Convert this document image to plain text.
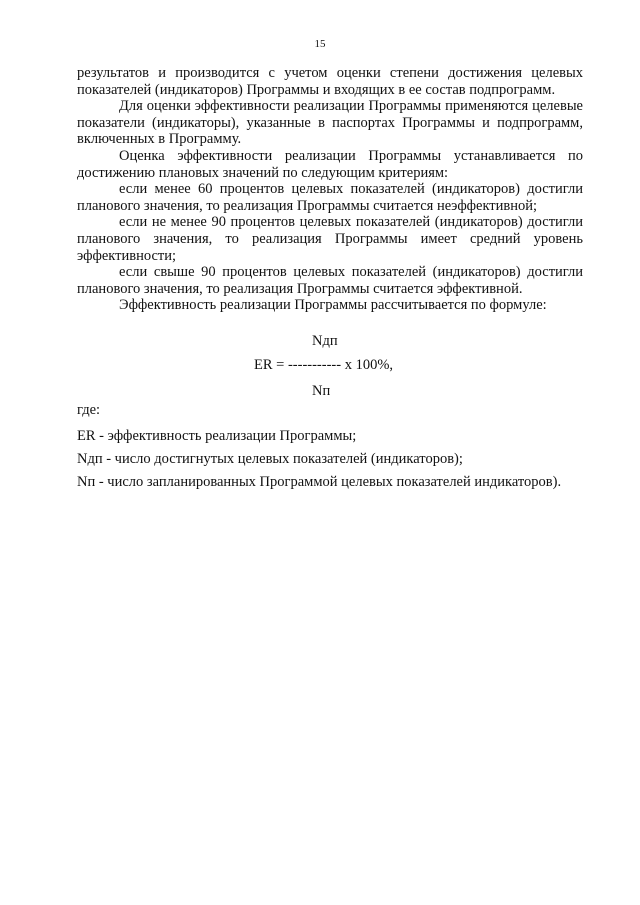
15

результатов и производится с учетом оценки степени достижения целевых показателей (индикаторов) Программы и входящих в ее состав подпрограмм.

Для оценки эффективности реализации Программы применяются целевые показатели (индикаторы), указанные в паспортах Программы и подпрограмм, включенных в Программу.

Оценка эффективности реализации Программы устанавливается по достижению плановых значений по следующим критериям:

если менее 60 процентов целевых показателей (индикаторов) достигли планового значения, то реализация Программы считается неэффективной;

если не менее 90 процентов целевых показателей (индикаторов) достигли планового значения, то реализация Программы имеет средний уровень эффективности;

если свыше 90 процентов целевых показателей (индикаторов) достигли планового значения, то реализация Программы считается эффективной.

Эффективность реализации Программы рассчитывается по формуле:

Nдп
ER = ----------- х 100%,
Nп
где:
ER - эффективность реализации Программы;
Nдп - число достигнутых целевых показателей (индикаторов);
Nп - число запланированных Программой целевых показателей индикаторов).
